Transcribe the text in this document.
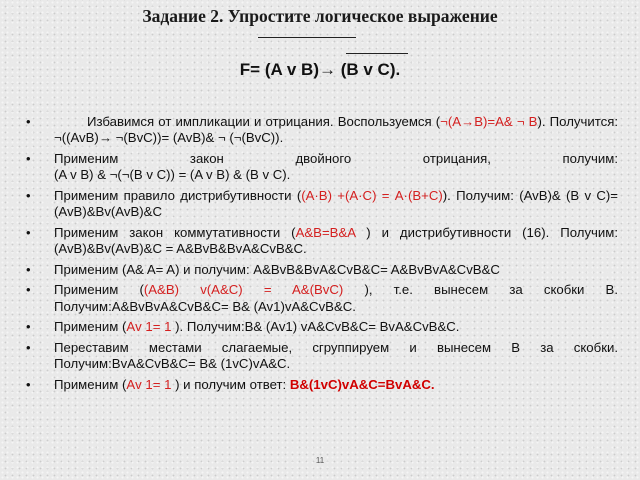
Задание 2. Упростите логическое выражение
F= (A v B)→ (B v C).
•	Избавимся от импликации и отрицания. Воспользуемся (¬(A→B)=A& ¬ B). Получится: ¬((AvB)→ ¬(BvC))= (AvB)& ¬ (¬(BvC)).
• Применим закон двойного отрицания, получим:
(A v B) & ¬(¬(B v C)) = (A v B) & (B v C).
• Применим правило дистрибутивности ((A·B) +(A·C) = A·(B+C)). Получим: (AvB)& (B v C)= (AvB)&Bv(AvB)&C
• Применим закон коммутативности (A&B=B&A ) и дистрибутивности (16). Получим: (AvB)&Bv(AvB)&C = A&BvB&BvA&CvB&C.
• Применим (A& A= A) и получим: A&BvB&BvA&CvB&C= A&BvBvA&CvB&C
• Применим ((A&B) v(A&C) = A&(BvC) ), т.е. вынесем за скобки B. Получим:A&BvBvA&CvB&C= B& (Av1)vA&CvB&C.
• Применим (Аv 1= 1 ). Получим:B& (Av1) vA&CvB&C= BvA&CvB&C.
• Переставим местами слагаемые, сгруппируем и вынесем В за скобки. Получим:BvA&CvB&C= B& (1vC)vA&C.
• Применим (Аv 1= 1 ) и получим ответ: B&(1vC)vA&C=BvA&C.
11
